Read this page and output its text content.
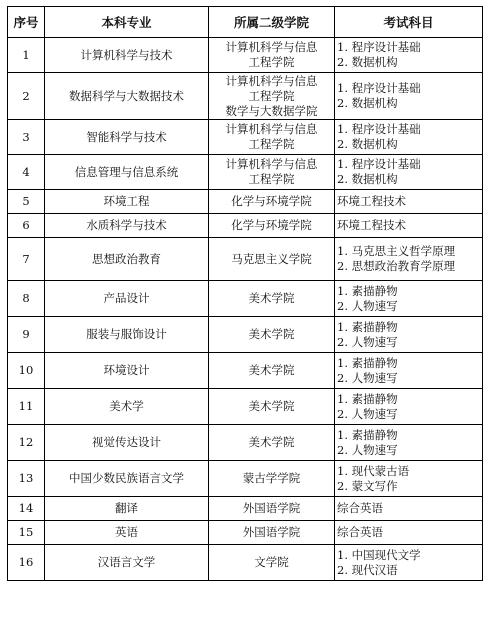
序号	本科专业	所属二级学院	考试科目
1	计算机科学与技术	计算机科学与信息
工程学院	1. 程序设计基础
2. 数据机构

2	数据科学与大数据技术	计算机科学与信息
工程学院
数学与大数据学院	1. 程序设计基础
2. 数据机构

3	智能科学与技术	计算机科学与信息
工程学院	1. 程序设计基础
2. 数据机构

4	信息管理与信息系统	计算机科学与信息
工程学院	1. 程序设计基础
2. 数据机构

5	环境工程	化学与环境学院	环境工程技术

6	水质科学与技术	化学与环境学院	环境工程技术

7	思想政治教育	马克思主义学院	1. 马克思主义哲学原理
2. 思想政治教育学原理

8	产品设计	美术学院	1. 素描静物
2. 人物速写

9	服装与服饰设计	美术学院	1. 素描静物
2. 人物速写

10	环境设计	美术学院	1. 素描静物
2. 人物速写

11	美术学	美术学院	1. 素描静物
2. 人物速写

12	视觉传达设计	美术学院	1. 素描静物
2. 人物速写

13	中国少数民族语言文学	蒙古学学院	1. 现代蒙古语
2. 蒙文写作

14	翻译	外国语学院	综合英语

15	英语	外国语学院	综合英语

16	汉语言文学	文学院	1. 中国现代文学
2. 现代汉语
